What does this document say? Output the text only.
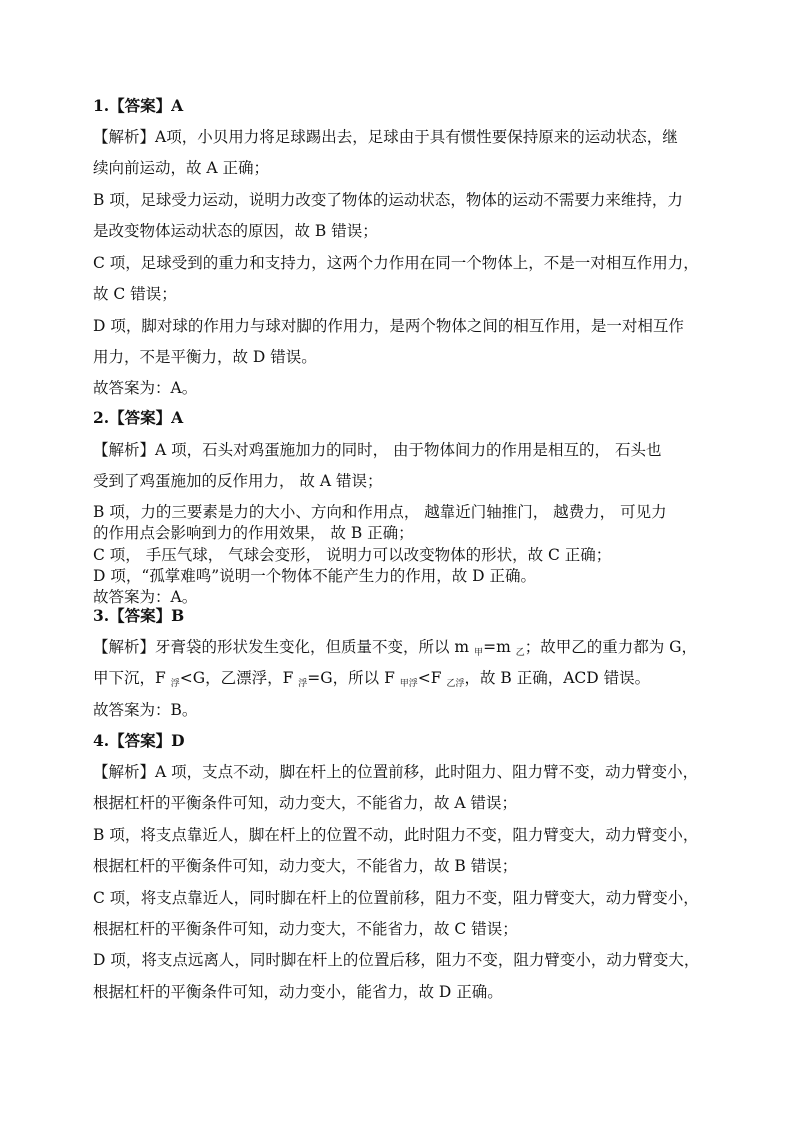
1.【答案】A
【解析】A项，小贝用力将足球踢出去，足球由于具有惯性要保持原来的运动状态，继
续向前运动，故 A 正确；
B 项，足球受力运动，说明力改变了物体的运动状态，物体的运动不需要力来维持，力
是改变物体运动状态的原因，故 B 错误；
C 项，足球受到的重力和支持力，这两个力作用在同一个物体上，不是一对相互作用力，
故 C 错误；
D 项，脚对球的作用力与球对脚的作用力，是两个物体之间的相互作用，是一对相互作
用力，不是平衡力，故 D 错误。
故答案为：A。
2.【答案】A
【解析】A 项，石头对鸡蛋施加力的同时， 由于物体间力的作用是相互的， 石头也
受到了鸡蛋施加的反作用力， 故 A 错误；
B 项，力的三要素是力的大小、方向和作用点， 越靠近门轴推门， 越费力， 可见力
的作用点会影响到力的作用效果， 故 B 正确；
C 项， 手压气球， 气球会变形， 说明力可以改变物体的形状，故 C 正确；
D 项，“孤掌难鸣”说明一个物体不能产生力的作用，故 D 正确。
故答案为：A。
3.【答案】B
【解析】牙膏袋的形状发生变化，但质量不变，所以 m $_甲$=m $_乙$；故甲乙的重力都为 G，
甲下沉，F $_浮$<G，乙漂浮，F $_浮$=G，所以 F $_{甲浮}$<F $_{乙浮}$，故 B 正确，ACD 错误。
故答案为：B。
4.【答案】D
【解析】A 项，支点不动，脚在杆上的位置前移，此时阻力、阻力臂不变，动力臂变小，
根据杠杆的平衡条件可知，动力变大，不能省力，故 A 错误；
B 项，将支点靠近人，脚在杆上的位置不动，此时阻力不变，阻力臂变大，动力臂变小，
根据杠杆的平衡条件可知，动力变大，不能省力，故 B 错误；
C 项，将支点靠近人，同时脚在杆上的位置前移，阻力不变，阻力臂变大，动力臂变小，
根据杠杆的平衡条件可知，动力变大，不能省力，故 C 错误；
D 项，将支点远离人，同时脚在杆上的位置后移，阻力不变，阻力臂变小，动力臂变大，
根据杠杆的平衡条件可知，动力变小，能省力，故 D 正确。
